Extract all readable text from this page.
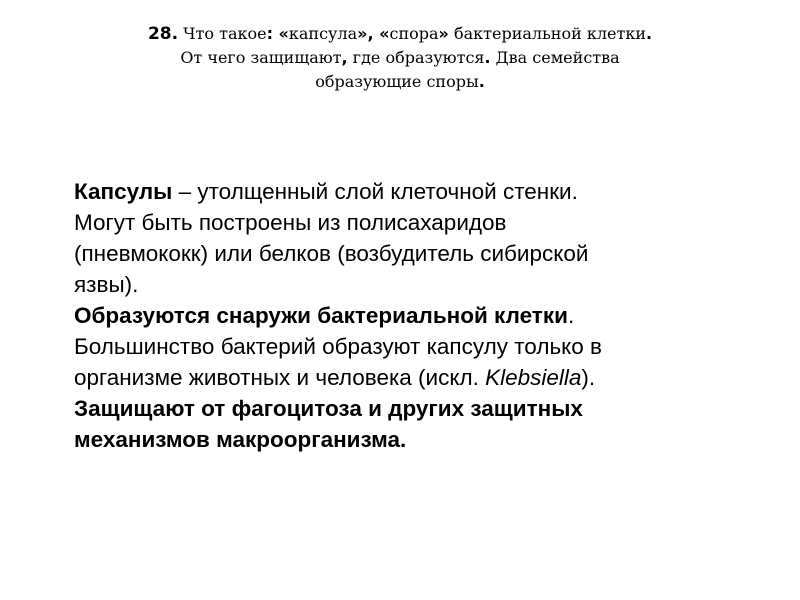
28. Что такое: «капсула», «спора» бактериальной клетки.
От чего защищают, где образуются. Два семейства
образующие споры.
Капсулы – утолщенный слой клеточной стенки.
Могут быть построены из полисахаридов
(пневмококк) или белков (возбудитель сибирской
язвы).
Образуются снаружи бактериальной клетки.
Большинство бактерий образуют капсулу только в
организме животных и человека (искл. Klebsiella).
Защищают от фагоцитоза и других защитных
механизмов макроорганизма.
